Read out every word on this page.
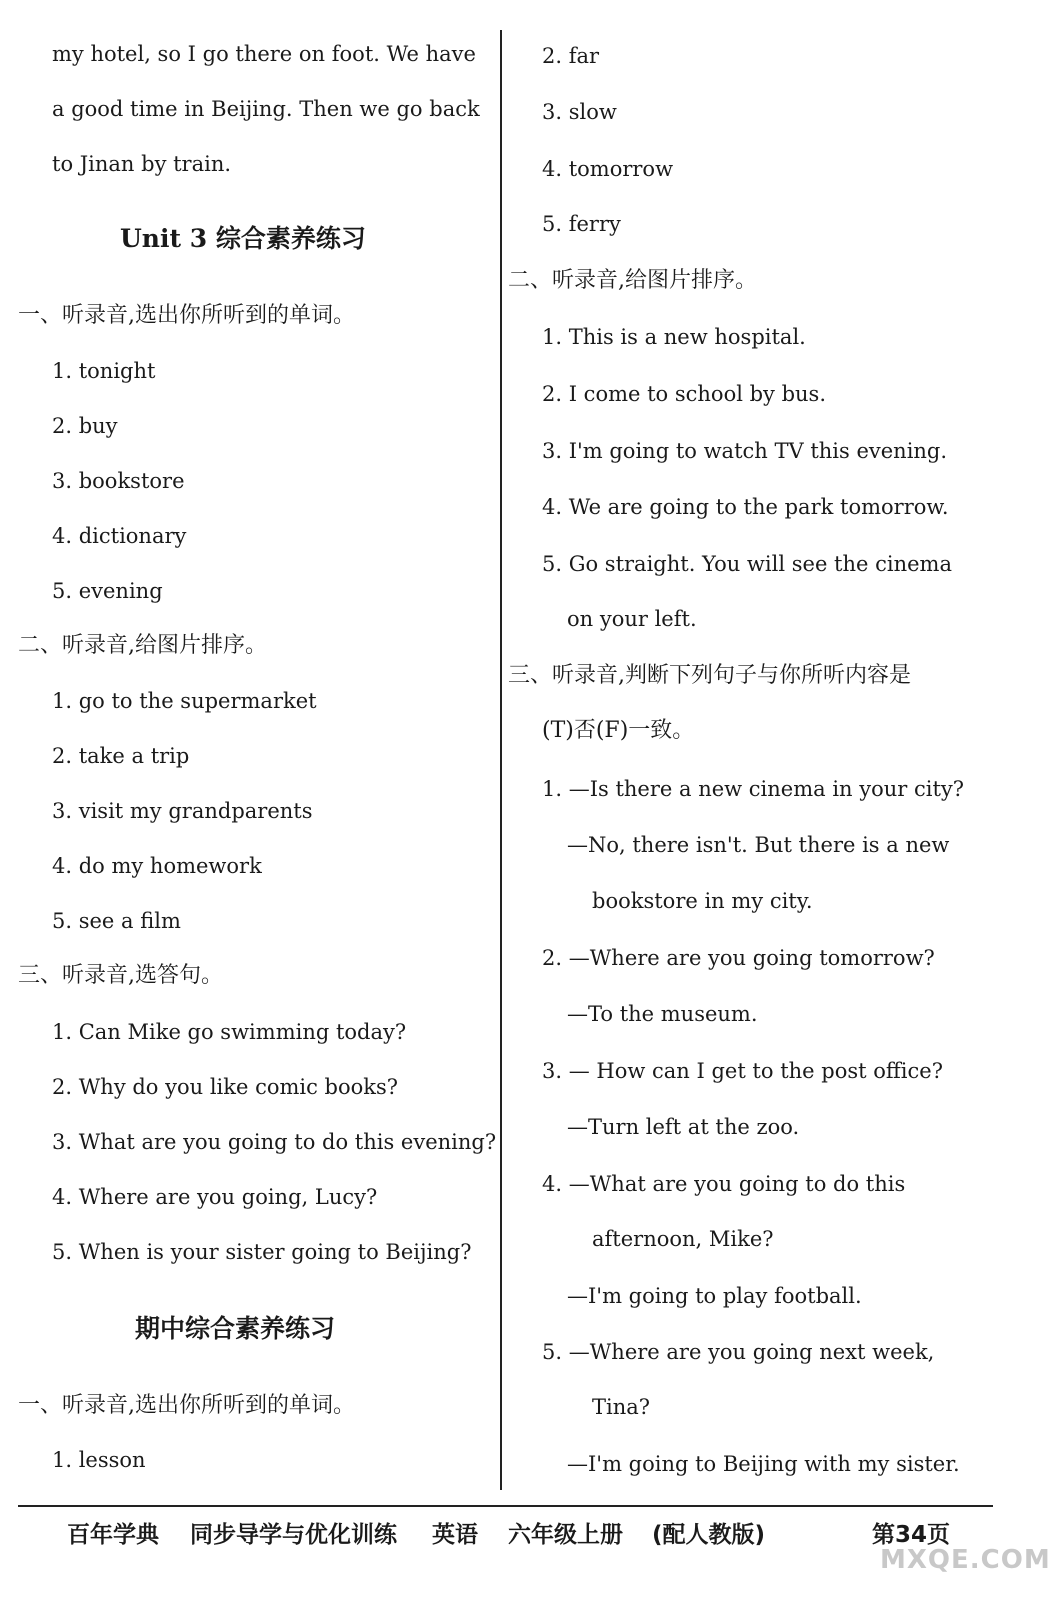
my hotel, so I go there on foot. We have
a good time in Beijing. Then we go back
to Jinan by train.
Unit 3 综合素养练习
一、听录音,选出你所听到的单词。
1. tonight
2. buy
3. bookstore
4. dictionary
5. evening
二、听录音,给图片排序。
1. go to the supermarket
2. take a trip
3. visit my grandparents
4. do my homework
5. see a film
三、听录音,选答句。
1. Can Mike go swimming today?
2. Why do you like comic books?
3. What are you going to do this evening?
4. Where are you going, Lucy?
5. When is your sister going to Beijing?
期中综合素养练习
一、听录音,选出你所听到的单词。
1. lesson
2. far
3. slow
4. tomorrow
5. ferry
二、听录音,给图片排序。
1. This is a new hospital.
2. I come to school by bus.
3. I'm going to watch TV this evening.
4. We are going to the park tomorrow.
5. Go straight. You will see the cinema
on your left.
三、听录音,判断下列句子与你所听内容是
(T)否(F)一致。
1. —Is there a new cinema in your city?
—No, there isn't. But there is a new
bookstore in my city.
2. —Where are you going tomorrow?
—To the museum.
3. — How can I get to the post office?
—Turn left at the zoo.
4. —What are you going to do this
afternoon, Mike?
—I'm going to play football.
5. —Where are you going next week,
Tina?
—I'm going to Beijing with my sister.
百年学典 同步导学与优化训练 英语 六年级上册 (配人教版)	第34页
MXQE.COM
